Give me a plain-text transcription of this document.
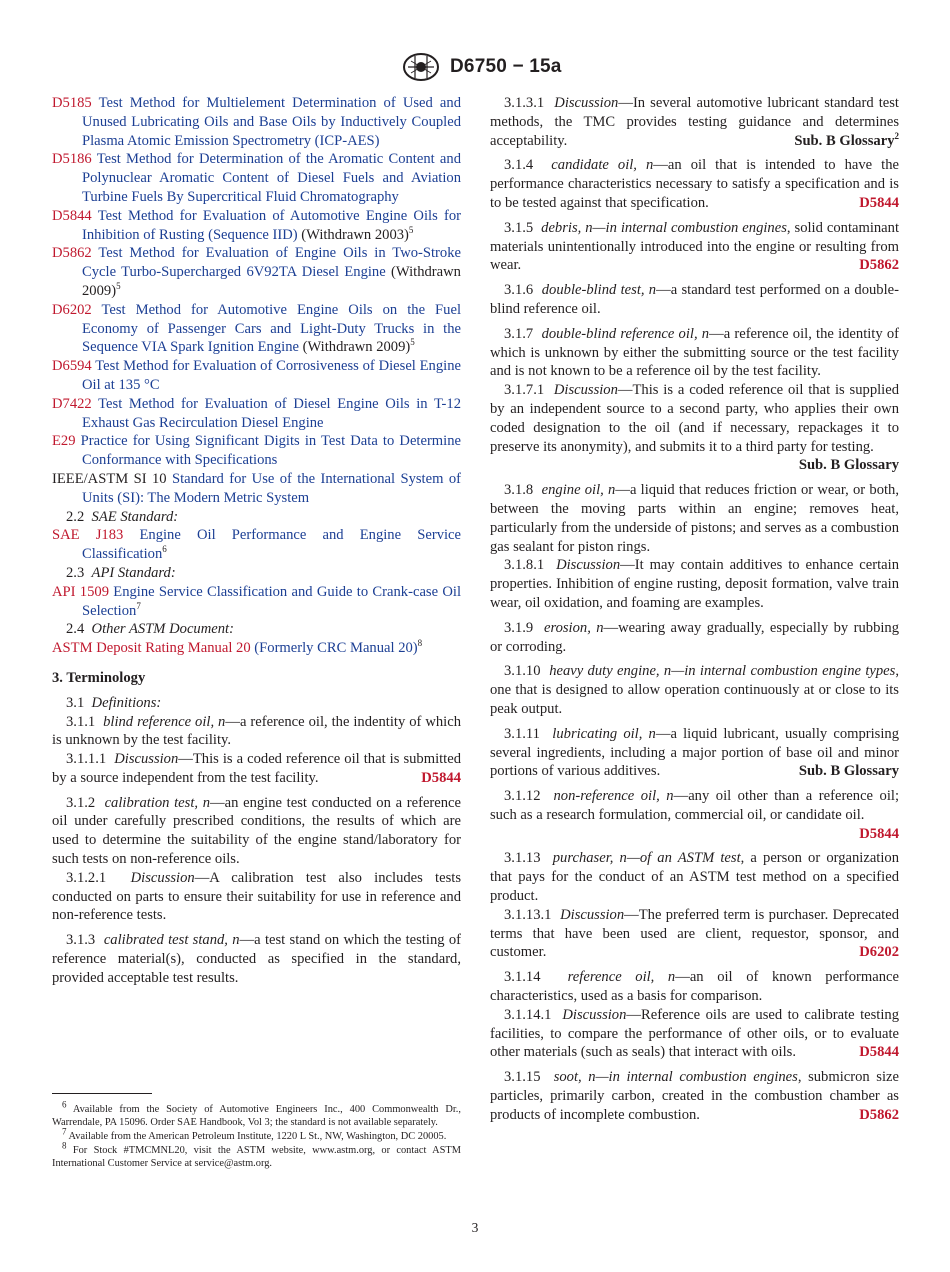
D6750 − 15a

D5185 Test Method for Multielement Determination of Used and Unused Lubricating Oils and Base Oils by Inductively Coupled Plasma Atomic Emission Spectrometry (ICP-AES)

D5186 Test Method for Determination of the Aromatic Content and Polynuclear Aromatic Content of Diesel Fuels and Aviation Turbine Fuels By Supercritical Fluid Chromatography

D5844 Test Method for Evaluation of Automotive Engine Oils for Inhibition of Rusting (Sequence IID) (Withdrawn 2003)$^5$

D5862 Test Method for Evaluation of Engine Oils in Two-Stroke Cycle Turbo-Supercharged 6V92TA Diesel Engine (Withdrawn 2009)$^5$

D6202 Test Method for Automotive Engine Oils on the Fuel Economy of Passenger Cars and Light-Duty Trucks in the Sequence VIA Spark Ignition Engine (Withdrawn 2009)$^5$

D6594 Test Method for Evaluation of Corrosiveness of Diesel Engine Oil at 135 °C

D7422 Test Method for Evaluation of Diesel Engine Oils in T-12 Exhaust Gas Recirculation Diesel Engine

E29 Practice for Using Significant Digits in Test Data to Determine Conformance with Specifications

IEEE/ASTM SI 10 Standard for Use of the International System of Units (SI): The Modern Metric System

2.2 SAE Standard:

SAE J183 Engine Oil Performance and Engine Service Classification$^6$

2.3 API Standard:

API 1509 Engine Service Classification and Guide to Crank-case Oil Selection$^7$

2.4 Other ASTM Document:

ASTM Deposit Rating Manual 20 (Formerly CRC Manual 20)$^8$

3. Terminology

3.1 Definitions:

3.1.1 blind reference oil, n—a reference oil, the indentity of which is unknown by the test facility.

3.1.1.1 Discussion—This is a coded reference oil that is submitted by a source independent from the test facility.	D5844

3.1.2 calibration test, n—an engine test conducted on a reference oil under carefully prescribed conditions, the results of which are used to determine the suitability of the engine stand/laboratory for such tests on non-reference oils.

3.1.2.1 Discussion—A calibration test also includes tests conducted on parts to ensure their suitability for use in reference and non-reference tests.

3.1.3 calibrated test stand, n—a test stand on which the testing of reference material(s), conducted as specified in the standard, provided acceptable test results.

$^6$ Available from the Society of Automotive Engineers Inc., 400 Commonwealth Dr., Warrendale, PA 15096. Order SAE Handbook, Vol 3; the standard is not available separately.

$^7$ Available from the American Petroleum Institute, 1220 L St., NW, Washington, DC 20005.

$^8$ For Stock #TMCMNL20, visit the ASTM website, www.astm.org, or contact ASTM International Customer Service at service@astm.org.

3.1.3.1 Discussion—In several automotive lubricant standard test methods, the TMC provides testing guidance and determines acceptability.	Sub. B Glossary$^2$

3.1.4 candidate oil, n—an oil that is intended to have the performance characteristics necessary to satisfy a specification and is to be tested against that specification.	D5844

3.1.5 debris, n—in internal combustion engines, solid contaminant materials unintentionally introduced into the engine or resulting from wear.	D5862

3.1.6 double-blind test, n—a standard test performed on a double-blind reference oil.

3.1.7 double-blind reference oil, n—a reference oil, the identity of which is unknown by either the submitting source or the test facility and is not known to be a reference oil by the test facility.

3.1.7.1 Discussion—This is a coded reference oil that is supplied by an independent source to a second party, who applies their own coded designation to the oil (and if necessary, repackages it to preserve its anonymity), and submits it to a third party for testing.
Sub. B Glossary

3.1.8 engine oil, n—a liquid that reduces friction or wear, or both, between the moving parts within an engine; removes heat, particularly from the underside of pistons; and serves as a combustion gas sealant for piston rings.

3.1.8.1 Discussion—It may contain additives to enhance certain properties. Inhibition of engine rusting, deposit formation, valve train wear, oil oxidation, and foaming are examples.

3.1.9 erosion, n—wearing away gradually, especially by rubbing or corroding.

3.1.10 heavy duty engine, n—in internal combustion engine types, one that is designed to allow operation continuously at or close to its peak output.

3.1.11 lubricating oil, n—a liquid lubricant, usually comprising several ingredients, including a major portion of base oil and minor portions of various additives.	Sub. B Glossary

3.1.12 non-reference oil, n—any oil other than a reference oil; such as a research formulation, commercial oil, or candidate oil.
D5844

3.1.13 purchaser, n—of an ASTM test, a person or organization that pays for the conduct of an ASTM test method on a specified product.

3.1.13.1 Discussion—The preferred term is purchaser. Deprecated terms that have been used are client, requestor, sponsor, and customer.	D6202

3.1.14 reference oil, n—an oil of known performance characteristics, used as a basis for comparison.

3.1.14.1 Discussion—Reference oils are used to calibrate testing facilities, to compare the performance of other oils, or to evaluate other materials (such as seals) that interact with oils.	D5844

3.1.15 soot, n—in internal combustion engines, submicron size particles, primarily carbon, created in the combustion chamber as products of incomplete combustion.	D5862

3
